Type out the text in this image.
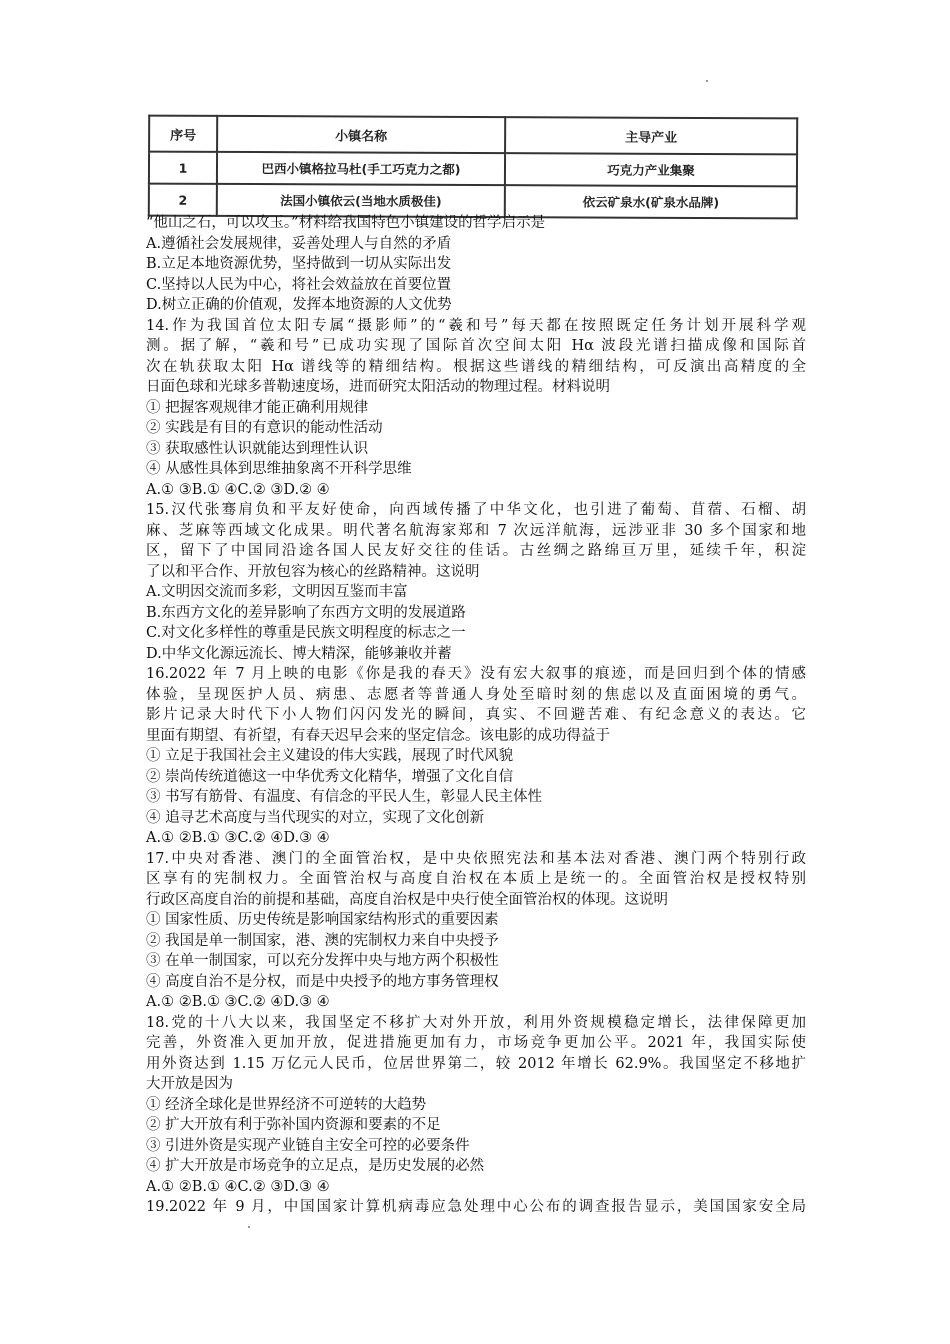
序号	小镇名称	主导产业
1	巴西小镇格拉马杜(手工巧克力之都)	巧克力产业集聚
2	法国小镇依云(当地水质极佳)	依云矿泉水(矿泉水品牌)
“他山之石，可以攻玉。”材料给我国特色小镇建设的哲学启示是
A.遵循社会发展规律，妥善处理人与自然的矛盾
B.立足本地资源优势，坚持做到一切从实际出发
C.坚持以人民为中心，将社会效益放在首要位置
D.树立正确的价值观，发挥本地资源的人文优势
14.作为我国首位太阳专属“摄影师”的“羲和号”每天都在按照既定任务计划开展科学观
测。据了解，“羲和号”已成功实现了国际首次空间太阳 Hα 波段光谱扫描成像和国际首
次在轨获取太阳 Hα 谱线等的精细结构。根据这些谱线的精细结构，可反演出高精度的全
日面色球和光球多普勒速度场，进而研究太阳活动的物理过程。材料说明
① 把握客观规律才能正确利用规律
② 实践是有目的有意识的能动性活动
③ 获取感性认识就能达到理性认识
④ 从感性具体到思维抽象离不开科学思维
A.① ③B.① ④C.② ③D.② ④
15.汉代张骞肩负和平友好使命，向西域传播了中华文化，也引进了葡萄、苜蓿、石榴、胡
麻、芝麻等西域文化成果。明代著名航海家郑和 7 次远洋航海，远涉亚非 30 多个国家和地
区，留下了中国同沿途各国人民友好交往的佳话。古丝绸之路绵亘万里，延续千年，积淀
了以和平合作、开放包容为核心的丝路精神。这说明
A.文明因交流而多彩，文明因互鉴而丰富
B.东西方文化的差异影响了东西方文明的发展道路
C.对文化多样性的尊重是民族文明程度的标志之一
D.中华文化源远流长、博大精深，能够兼收并蓄
16.2022 年 7 月上映的电影《你是我的春天》没有宏大叙事的痕迹，而是回归到个体的情感
体验，呈现医护人员、病患、志愿者等普通人身处至暗时刻的焦虑以及直面困境的勇气。
影片记录大时代下小人物们闪闪发光的瞬间，真实、不回避苦难、有纪念意义的表达。它
里面有期望、有祈望，有春天迟早会来的坚定信念。该电影的成功得益于
① 立足于我国社会主义建设的伟大实践，展现了时代风貌
② 崇尚传统道德这一中华优秀文化精华，增强了文化自信
③ 书写有筋骨、有温度、有信念的平民人生，彰显人民主体性
④ 追寻艺术高度与当代现实的对立，实现了文化创新
A.① ②B.① ③C.② ④D.③ ④
17.中央对香港、澳门的全面管治权，是中央依照宪法和基本法对香港、澳门两个特别行政
区享有的宪制权力。全面管治权与高度自治权在本质上是统一的。全面管治权是授权特别
行政区高度自治的前提和基础，高度自治权是中央行使全面管治权的体现。这说明
① 国家性质、历史传统是影响国家结构形式的重要因素
② 我国是单一制国家，港、澳的宪制权力来自中央授予
③ 在单一制国家，可以充分发挥中央与地方两个积极性
④ 高度自治不是分权，而是中央授予的地方事务管理权
A.① ②B.① ③C.② ④D.③ ④
18.党的十八大以来，我国坚定不移扩大对外开放，利用外资规模稳定增长，法律保障更加
完善，外资准入更加开放，促进措施更加有力，市场竞争更加公平。2021 年，我国实际使
用外资达到 1.15 万亿元人民币，位居世界第二，较 2012 年增长 62.9%。我国坚定不移地扩
大开放是因为
① 经济全球化是世界经济不可逆转的大趋势
② 扩大开放有利于弥补国内资源和要素的不足
③ 引进外资是实现产业链自主安全可控的必要条件
④ 扩大开放是市场竞争的立足点，是历史发展的必然
A.① ②B.① ④C.② ③D.③ ④
19.2022 年 9 月，中国国家计算机病毒应急处理中心公布的调查报告显示，美国国家安全局
